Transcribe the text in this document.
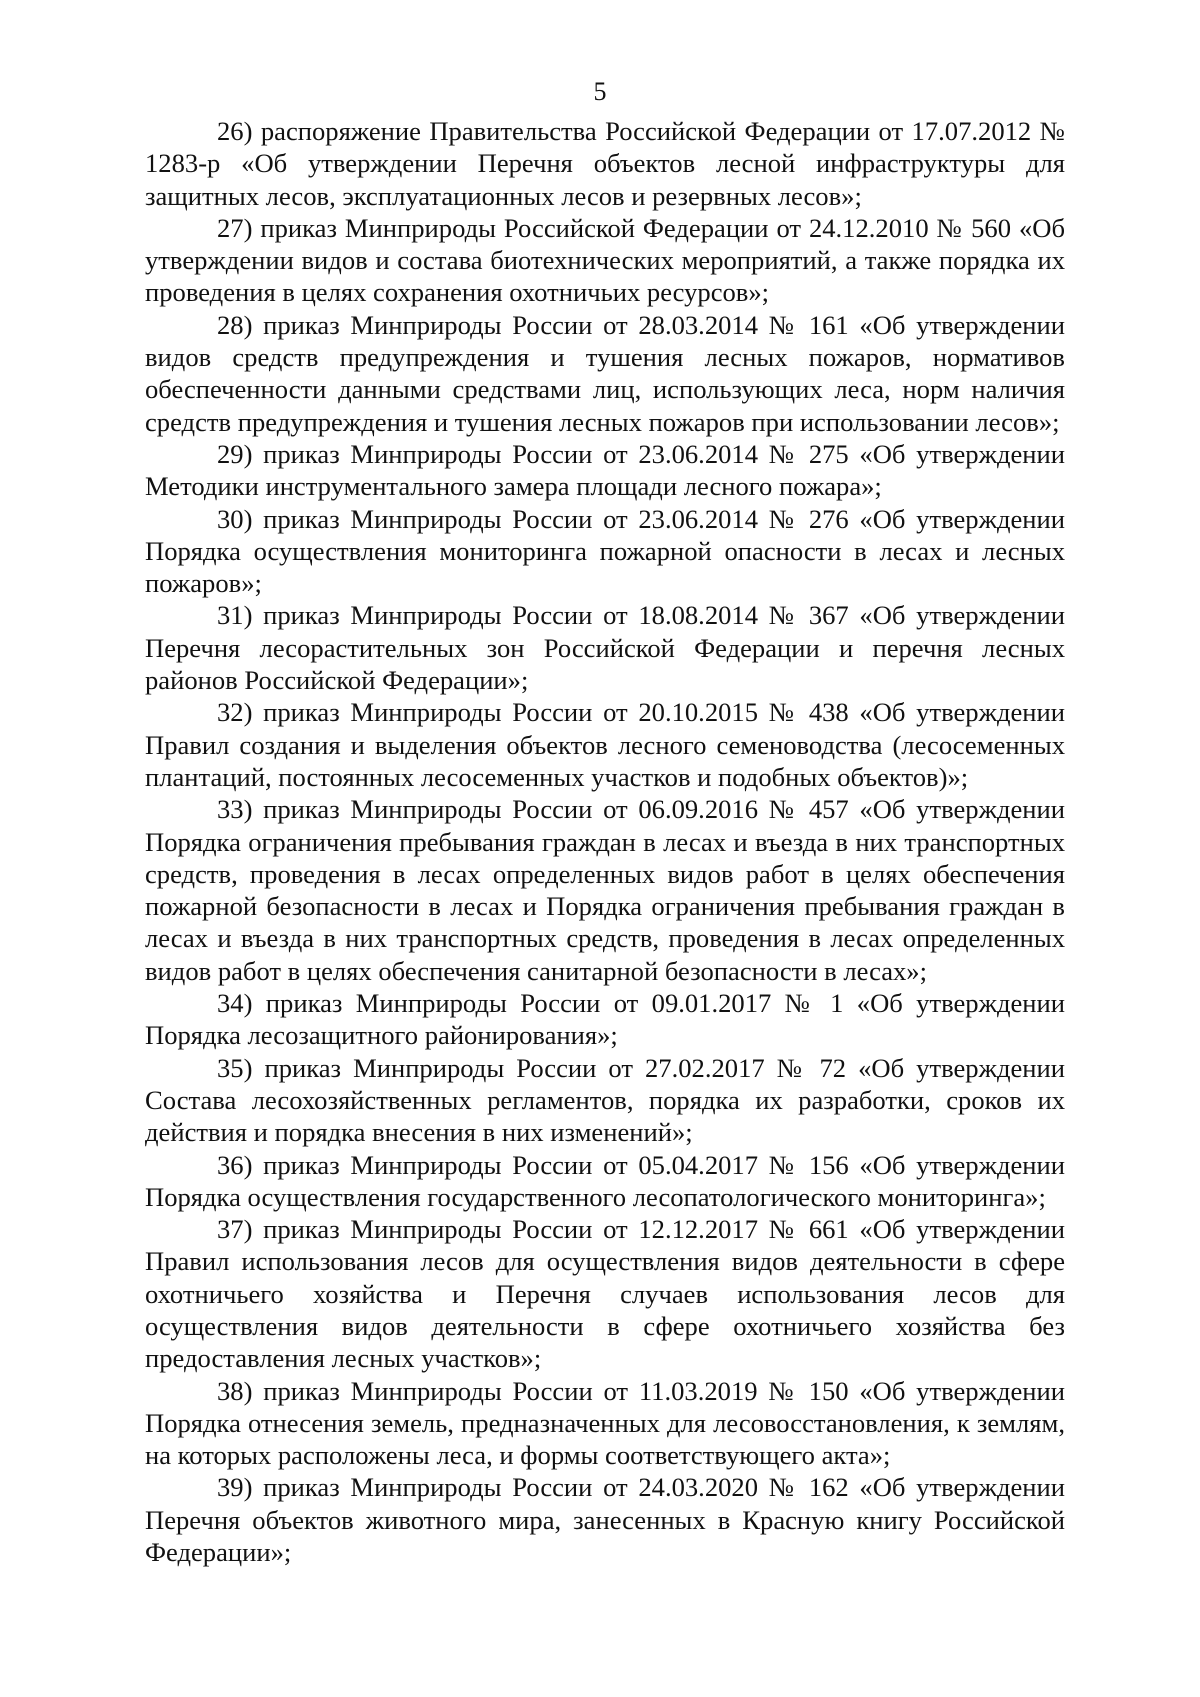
5

26) распоряжение Правительства Российской Федерации от 17.07.2012 № 1283-р «Об утверждении Перечня объектов лесной инфраструктуры для защитных лесов, эксплуатационных лесов и резервных лесов»;

27) приказ Минприроды Российской Федерации от 24.12.2010 № 560 «Об утверждении видов и состава биотехнических мероприятий, а также порядка их проведения в целях сохранения охотничьих ресурсов»;

28) приказ Минприроды России от 28.03.2014 № 161 «Об утверждении видов средств предупреждения и тушения лесных пожаров, нормативов обеспеченности данными средствами лиц, использующих леса, норм наличия средств предупреждения и тушения лесных пожаров при использовании лесов»;

29) приказ Минприроды России от 23.06.2014 № 275 «Об утверждении Методики инструментального замера площади лесного пожара»;

30) приказ Минприроды России от 23.06.2014 № 276 «Об утверждении Порядка осуществления мониторинга пожарной опасности в лесах и лесных пожаров»;

31) приказ Минприроды России от 18.08.2014 № 367 «Об утверждении Перечня лесорастительных зон Российской Федерации и перечня лесных районов Российской Федерации»;

32) приказ Минприроды России от 20.10.2015 № 438 «Об утверждении Правил создания и выделения объектов лесного семеноводства (лесосеменных плантаций, постоянных лесосеменных участков и подобных объектов)»;

33) приказ Минприроды России от 06.09.2016 № 457 «Об утверждении Порядка ограничения пребывания граждан в лесах и въезда в них транспортных средств, проведения в лесах определенных видов работ в целях обеспечения пожарной безопасности в лесах и Порядка ограничения пребывания граждан в лесах и въезда в них транспортных средств, проведения в лесах определенных видов работ в целях обеспечения санитарной безопасности в лесах»;

34) приказ Минприроды России от 09.01.2017 № 1 «Об утверждении Порядка лесозащитного районирования»;

35) приказ Минприроды России от 27.02.2017 № 72 «Об утверждении Состава лесохозяйственных регламентов, порядка их разработки, сроков их действия и порядка внесения в них изменений»;

36) приказ Минприроды России от 05.04.2017 № 156 «Об утверждении Порядка осуществления государственного лесопатологического мониторинга»;

37) приказ Минприроды России от 12.12.2017 № 661 «Об утверждении Правил использования лесов для осуществления видов деятельности в сфере охотничьего хозяйства и Перечня случаев использования лесов для осуществления видов деятельности в сфере охотничьего хозяйства без предоставления лесных участков»;

38) приказ Минприроды России от 11.03.2019 № 150 «Об утверждении Порядка отнесения земель, предназначенных для лесовосстановления, к землям, на которых расположены леса, и формы соответствующего акта»;

39) приказ Минприроды России от 24.03.2020 № 162 «Об утверждении Перечня объектов животного мира, занесенных в Красную книгу Российской Федерации»;
